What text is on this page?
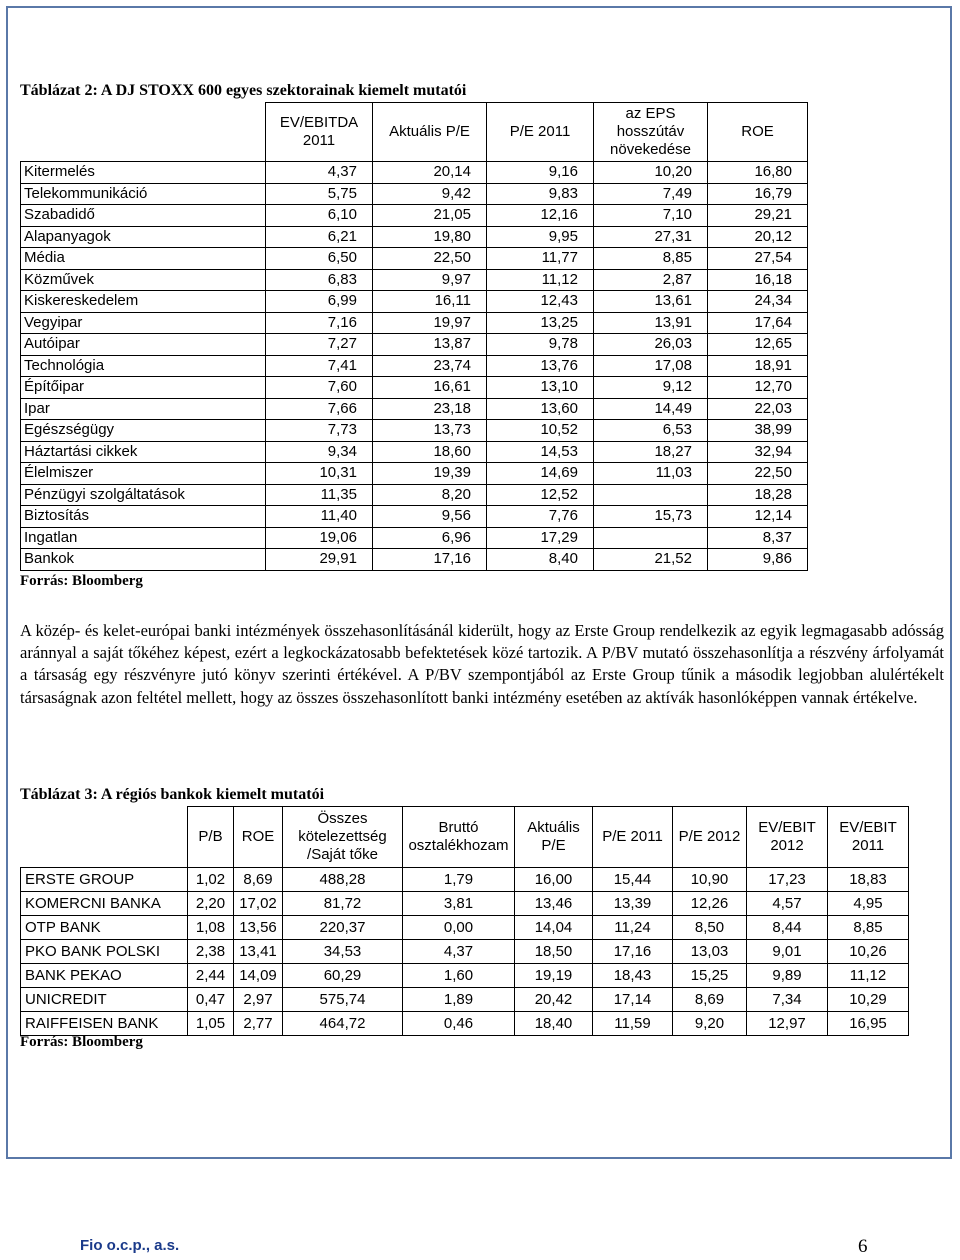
Táblázat 2: A DJ STOXX 600 egyes szektorainak kiemelt mutatói
	EV/EBITDA 2011	Aktuális P/E	P/E 2011	az EPS hosszútáv növekedése	ROE
Kitermelés	4,37	20,14	9,16	10,20	16,80
Telekommunikáció	5,75	9,42	9,83	7,49	16,79
Szabadidő	6,10	21,05	12,16	7,10	29,21
Alapanyagok	6,21	19,80	9,95	27,31	20,12
Média	6,50	22,50	11,77	8,85	27,54
Közművek	6,83	9,97	11,12	2,87	16,18
Kiskereskedelem	6,99	16,11	12,43	13,61	24,34
Vegyipar	7,16	19,97	13,25	13,91	17,64
Autóipar	7,27	13,87	9,78	26,03	12,65
Technológia	7,41	23,74	13,76	17,08	18,91
Építőipar	7,60	16,61	13,10	9,12	12,70
Ipar	7,66	23,18	13,60	14,49	22,03
Egészségügy	7,73	13,73	10,52	6,53	38,99
Háztartási cikkek	9,34	18,60	14,53	18,27	32,94
Élelmiszer	10,31	19,39	14,69	11,03	22,50
Pénzügyi szolgáltatások	11,35	8,20	12,52		18,28
Biztosítás	11,40	9,56	7,76	15,73	12,14
Ingatlan	19,06	6,96	17,29		8,37
Bankok	29,91	17,16	8,40	21,52	9,86
Forrás: Bloomberg

A közép- és kelet-európai banki intézmények összehasonlításánál kiderült, hogy az Erste Group rendelkezik az egyik legmagasabb adósság aránnyal a saját tőkéhez képest, ezért a legkockázatosabb befektetések közé tartozik. A P/BV mutató összehasonlítja a részvény árfolyamát a társaság egy részvényre jutó könyv szerinti értékével. A P/BV szempontjából az Erste Group tűnik a második legjobban alulértékelt társaságnak azon feltétel mellett, hogy az összes összehasonlított banki intézmény esetében az aktívák hasonlóképpen vannak értékelve.

Táblázat 3: A régiós bankok kiemelt mutatói
	P/B	ROE	Összes kötelezettség /Saját tőke	Bruttó osztalékhozam	Aktuális P/E	P/E 2011	P/E 2012	EV/EBIT 2012	EV/EBIT 2011
ERSTE GROUP	1,02	8,69	488,28	1,79	16,00	15,44	10,90	17,23	18,83
KOMERCNI BANKA	2,20	17,02	81,72	3,81	13,46	13,39	12,26	4,57	4,95
OTP BANK	1,08	13,56	220,37	0,00	14,04	11,24	8,50	8,44	8,85
PKO BANK POLSKI	2,38	13,41	34,53	4,37	18,50	17,16	13,03	9,01	10,26
BANK PEKAO	2,44	14,09	60,29	1,60	19,19	18,43	15,25	9,89	11,12
UNICREDIT	0,47	2,97	575,74	1,89	20,42	17,14	8,69	7,34	10,29
RAIFFEISEN BANK	1,05	2,77	464,72	0,46	18,40	11,59	9,20	12,97	16,95
Forrás: Bloomberg
Fio o.c.p., a.s.	6
